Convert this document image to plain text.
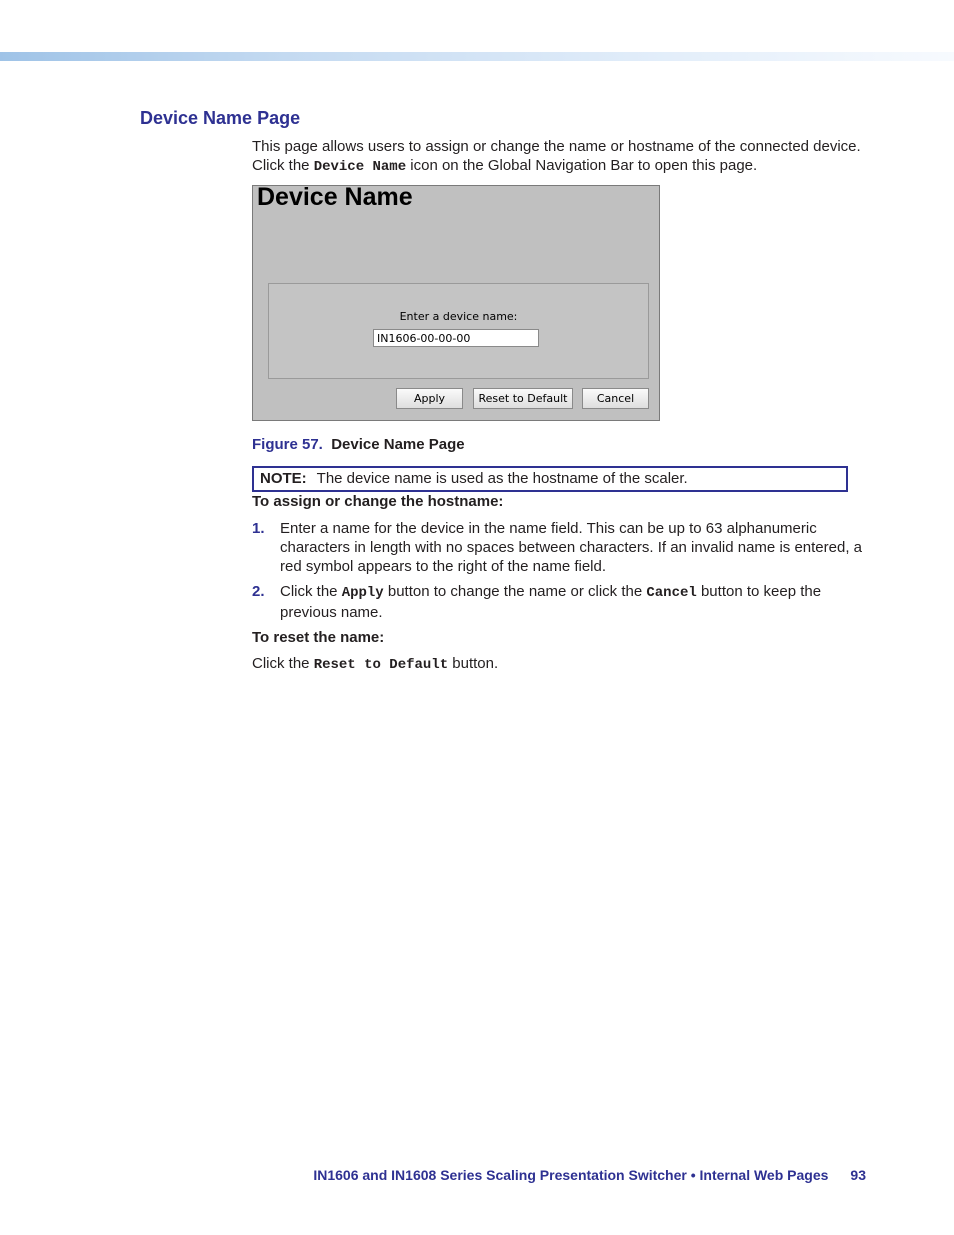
Device Name Page

This page allows users to assign or change the name or hostname of the connected device.
Click the Device Name icon on the Global Navigation Bar to open this page.

Device Name
Enter a device name:
IN1606-00-00-00
Apply	Reset to Default	Cancel
Figure 57. Device Name Page
NOTE: The device name is used as the hostname of the scaler.

To assign or change the hostname:

1. Enter a name for the device in the name field. This can be up to 63 alphanumeric characters in length with no spaces between characters. If an invalid name is entered, a red symbol appears to the right of the name field.
2. Click the Apply button to change the name or click the Cancel button to keep the previous name.

To reset the name:

Click the Reset to Default button.

IN1606 and IN1608 Series Scaling Presentation Switcher • Internal Web Pages 93
